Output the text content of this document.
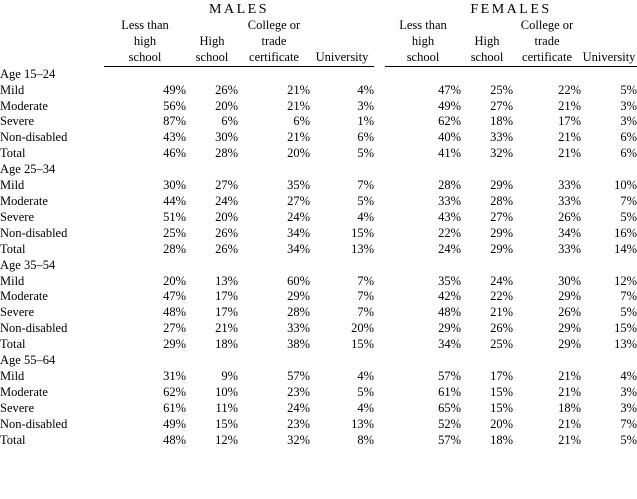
	MALES					FEMALES			

	Less than
high
school	High
school	College or
trade
certificate	University		Less than
high
school	High
school	College or
trade
certificate	University

Age 15–24									
Mild	49%	26%	21%	4%		47%	25%	22%	5%
Moderate	56%	20%	21%	3%		49%	27%	21%	3%
Severe	87%	6%	6%	1%		62%	18%	17%	3%
Non-disabled	43%	30%	21%	6%		40%	33%	21%	6%
Total	46%	28%	20%	5%		41%	32%	21%	6%
Age 25–34									
Mild	30%	27%	35%	7%		28%	29%	33%	10%
Moderate	44%	24%	27%	5%		33%	28%	33%	7%
Severe	51%	20%	24%	4%		43%	27%	26%	5%
Non-disabled	25%	26%	34%	15%		22%	29%	34%	16%
Total	28%	26%	34%	13%		24%	29%	33%	14%
Age 35–54									
Mild	20%	13%	60%	7%		35%	24%	30%	12%
Moderate	47%	17%	29%	7%		42%	22%	29%	7%
Severe	48%	17%	28%	7%		48%	21%	26%	5%
Non-disabled	27%	21%	33%	20%		29%	26%	29%	15%
Total	29%	18%	38%	15%		34%	25%	29%	13%
Age 55–64									
Mild	31%	9%	57%	4%		57%	17%	21%	4%
Moderate	62%	10%	23%	5%		61%	15%	21%	3%
Severe	61%	11%	24%	4%		65%	15%	18%	3%
Non-disabled	49%	15%	23%	13%		52%	20%	21%	7%
Total	48%	12%	32%	8%		57%	18%	21%	5%
